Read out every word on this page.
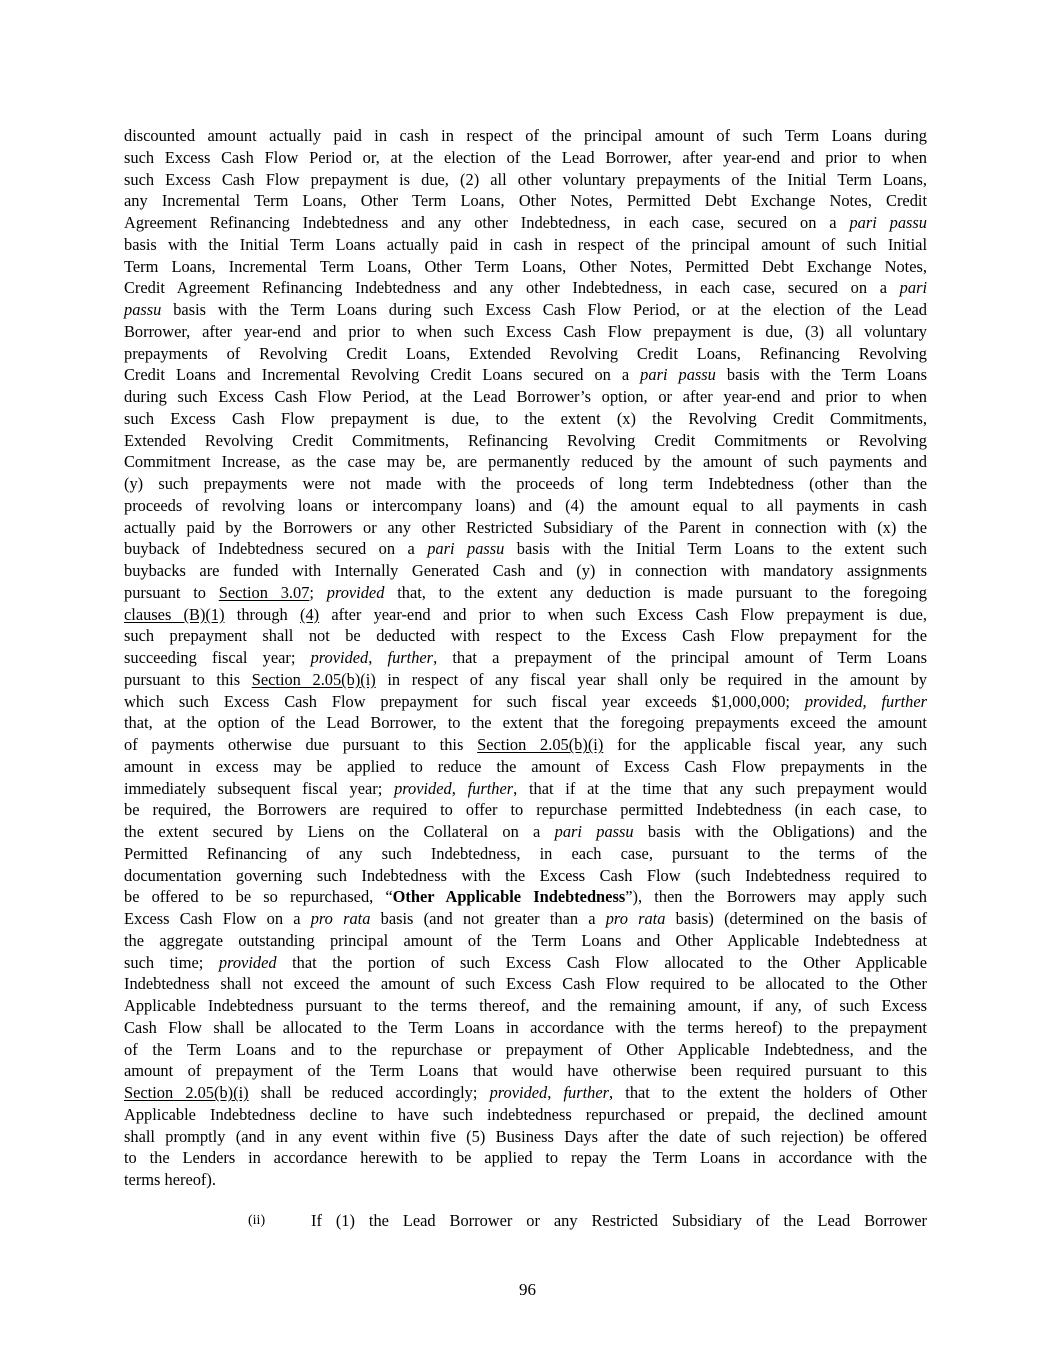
discounted amount actually paid in cash in respect of the principal amount of such Term Loans during
such Excess Cash Flow Period or, at the election of the Lead Borrower, after year-end and prior to when
such Excess Cash Flow prepayment is due, (2) all other voluntary prepayments of the Initial Term Loans,
any Incremental Term Loans, Other Term Loans, Other Notes, Permitted Debt Exchange Notes, Credit
Agreement Refinancing Indebtedness and any other Indebtedness, in each case, secured on a pari passu
basis with the Initial Term Loans actually paid in cash in respect of the principal amount of such Initial
Term Loans, Incremental Term Loans, Other Term Loans, Other Notes, Permitted Debt Exchange Notes,
Credit Agreement Refinancing Indebtedness and any other Indebtedness, in each case, secured on a pari
passu basis with the Term Loans during such Excess Cash Flow Period, or at the election of the Lead
Borrower, after year-end and prior to when such Excess Cash Flow prepayment is due, (3) all voluntary
prepayments of Revolving Credit Loans, Extended Revolving Credit Loans, Refinancing Revolving
Credit Loans and Incremental Revolving Credit Loans secured on a pari passu basis with the Term Loans
during such Excess Cash Flow Period, at the Lead Borrower’s option, or after year-end and prior to when
such Excess Cash Flow prepayment is due, to the extent (x) the Revolving Credit Commitments,
Extended Revolving Credit Commitments, Refinancing Revolving Credit Commitments or Revolving
Commitment Increase, as the case may be, are permanently reduced by the amount of such payments and
(y) such prepayments were not made with the proceeds of long term Indebtedness (other than the
proceeds of revolving loans or intercompany loans) and (4) the amount equal to all payments in cash
actually paid by the Borrowers or any other Restricted Subsidiary of the Parent in connection with (x) the
buyback of Indebtedness secured on a pari passu basis with the Initial Term Loans to the extent such
buybacks are funded with Internally Generated Cash and (y) in connection with mandatory assignments
pursuant to Section 3.07; provided that, to the extent any deduction is made pursuant to the foregoing
clauses (B)(1) through (4) after year-end and prior to when such Excess Cash Flow prepayment is due,
such prepayment shall not be deducted with respect to the Excess Cash Flow prepayment for the
succeeding fiscal year; provided, further, that a prepayment of the principal amount of Term Loans
pursuant to this Section 2.05(b)(i) in respect of any fiscal year shall only be required in the amount by
which such Excess Cash Flow prepayment for such fiscal year exceeds $1,000,000; provided, further
that, at the option of the Lead Borrower, to the extent that the foregoing prepayments exceed the amount
of payments otherwise due pursuant to this Section 2.05(b)(i) for the applicable fiscal year, any such
amount in excess may be applied to reduce the amount of Excess Cash Flow prepayments in the
immediately subsequent fiscal year; provided, further, that if at the time that any such prepayment would
be required, the Borrowers are required to offer to repurchase permitted Indebtedness (in each case, to
the extent secured by Liens on the Collateral on a pari passu basis with the Obligations) and the
Permitted Refinancing of any such Indebtedness, in each case, pursuant to the terms of the
documentation governing such Indebtedness with the Excess Cash Flow (such Indebtedness required to
be offered to be so repurchased, “Other Applicable Indebtedness”), then the Borrowers may apply such
Excess Cash Flow on a pro rata basis (and not greater than a pro rata basis) (determined on the basis of
the aggregate outstanding principal amount of the Term Loans and Other Applicable Indebtedness at
such time; provided that the portion of such Excess Cash Flow allocated to the Other Applicable
Indebtedness shall not exceed the amount of such Excess Cash Flow required to be allocated to the Other
Applicable Indebtedness pursuant to the terms thereof, and the remaining amount, if any, of such Excess
Cash Flow shall be allocated to the Term Loans in accordance with the terms hereof) to the prepayment
of the Term Loans and to the repurchase or prepayment of Other Applicable Indebtedness, and the
amount of prepayment of the Term Loans that would have otherwise been required pursuant to this
Section 2.05(b)(i) shall be reduced accordingly; provided, further, that to the extent the holders of Other
Applicable Indebtedness decline to have such indebtedness repurchased or prepaid, the declined amount
shall promptly (and in any event within five (5) Business Days after the date of such rejection) be offered
to the Lenders in accordance herewith to be applied to repay the Term Loans in accordance with the
terms hereof).
(ii)	If (1) the Lead Borrower or any Restricted Subsidiary of the Lead Borrower
96
